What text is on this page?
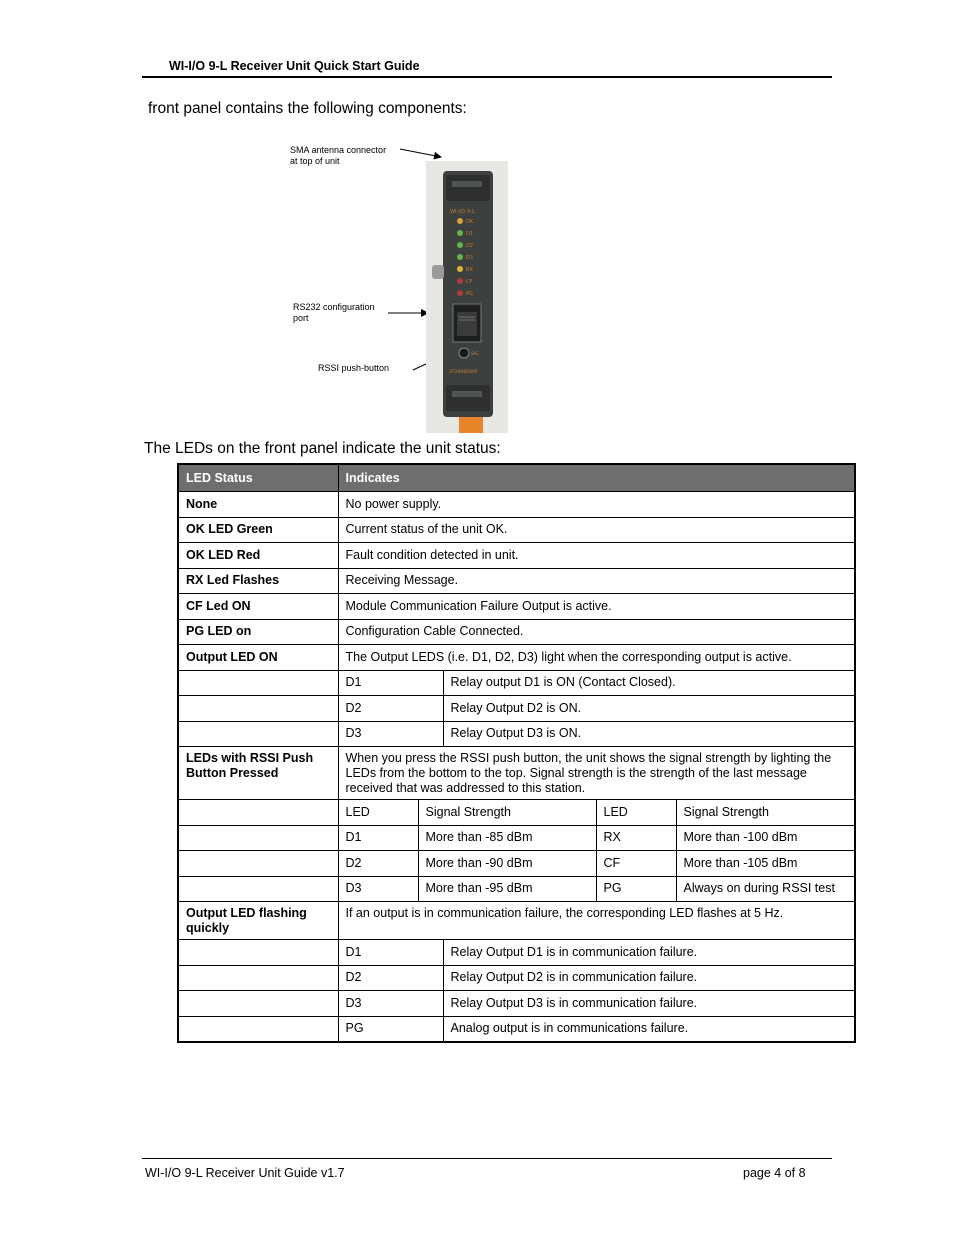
WI-I/O 9-L Receiver Unit Quick Start Guide
front panel contains the following components:
SMA antenna connector
at top of unit
RS232 configuration
port
RSSI push-button
WI-I/O 9-L
OK
D1
D2
D3
RX
CF
PG
SIG
3729085900
The LEDs on the front panel indicate the unit status:
LED Status	Indicates				
None	No power supply.				
OK LED Green	Current status of the unit OK.				
OK LED Red	Fault condition detected in unit.				
RX Led Flashes	Receiving Message.				
CF Led ON	Module Communication Failure Output is active.				
PG LED on	Configuration Cable Connected.				
Output LED ON	The Output LEDS (i.e. D1, D2, D3) light when the corresponding output is active.				
	D1		Relay output D1 is ON (Contact Closed).		
	D2		Relay Output D2 is ON.		
	D3		Relay Output D3 is ON.		
LEDs with RSSI Push Button Pressed	When you press the RSSI push button, the unit shows the signal strength by lighting the LEDs from the bottom to the top. Signal strength is the strength of the last message received that was addressed to this station.				
	LED	Signal Strength		LED	Signal Strength
	D1	More than -85 dBm		RX	More than -100 dBm
	D2	More than -90 dBm		CF	More than -105 dBm
	D3	More than -95 dBm		PG	Always on during RSSI test
Output LED flashing quickly	If an output is in communication failure, the corresponding LED flashes at 5 Hz.				
	D1		Relay Output D1 is in communication failure.		
	D2		Relay Output D2 is in communication failure.		
	D3		Relay Output D3 is in communication failure.		
	PG		Analog output is in communications failure.		
WI-I/O 9-L Receiver Unit Guide v1.7	page 4 of 8
